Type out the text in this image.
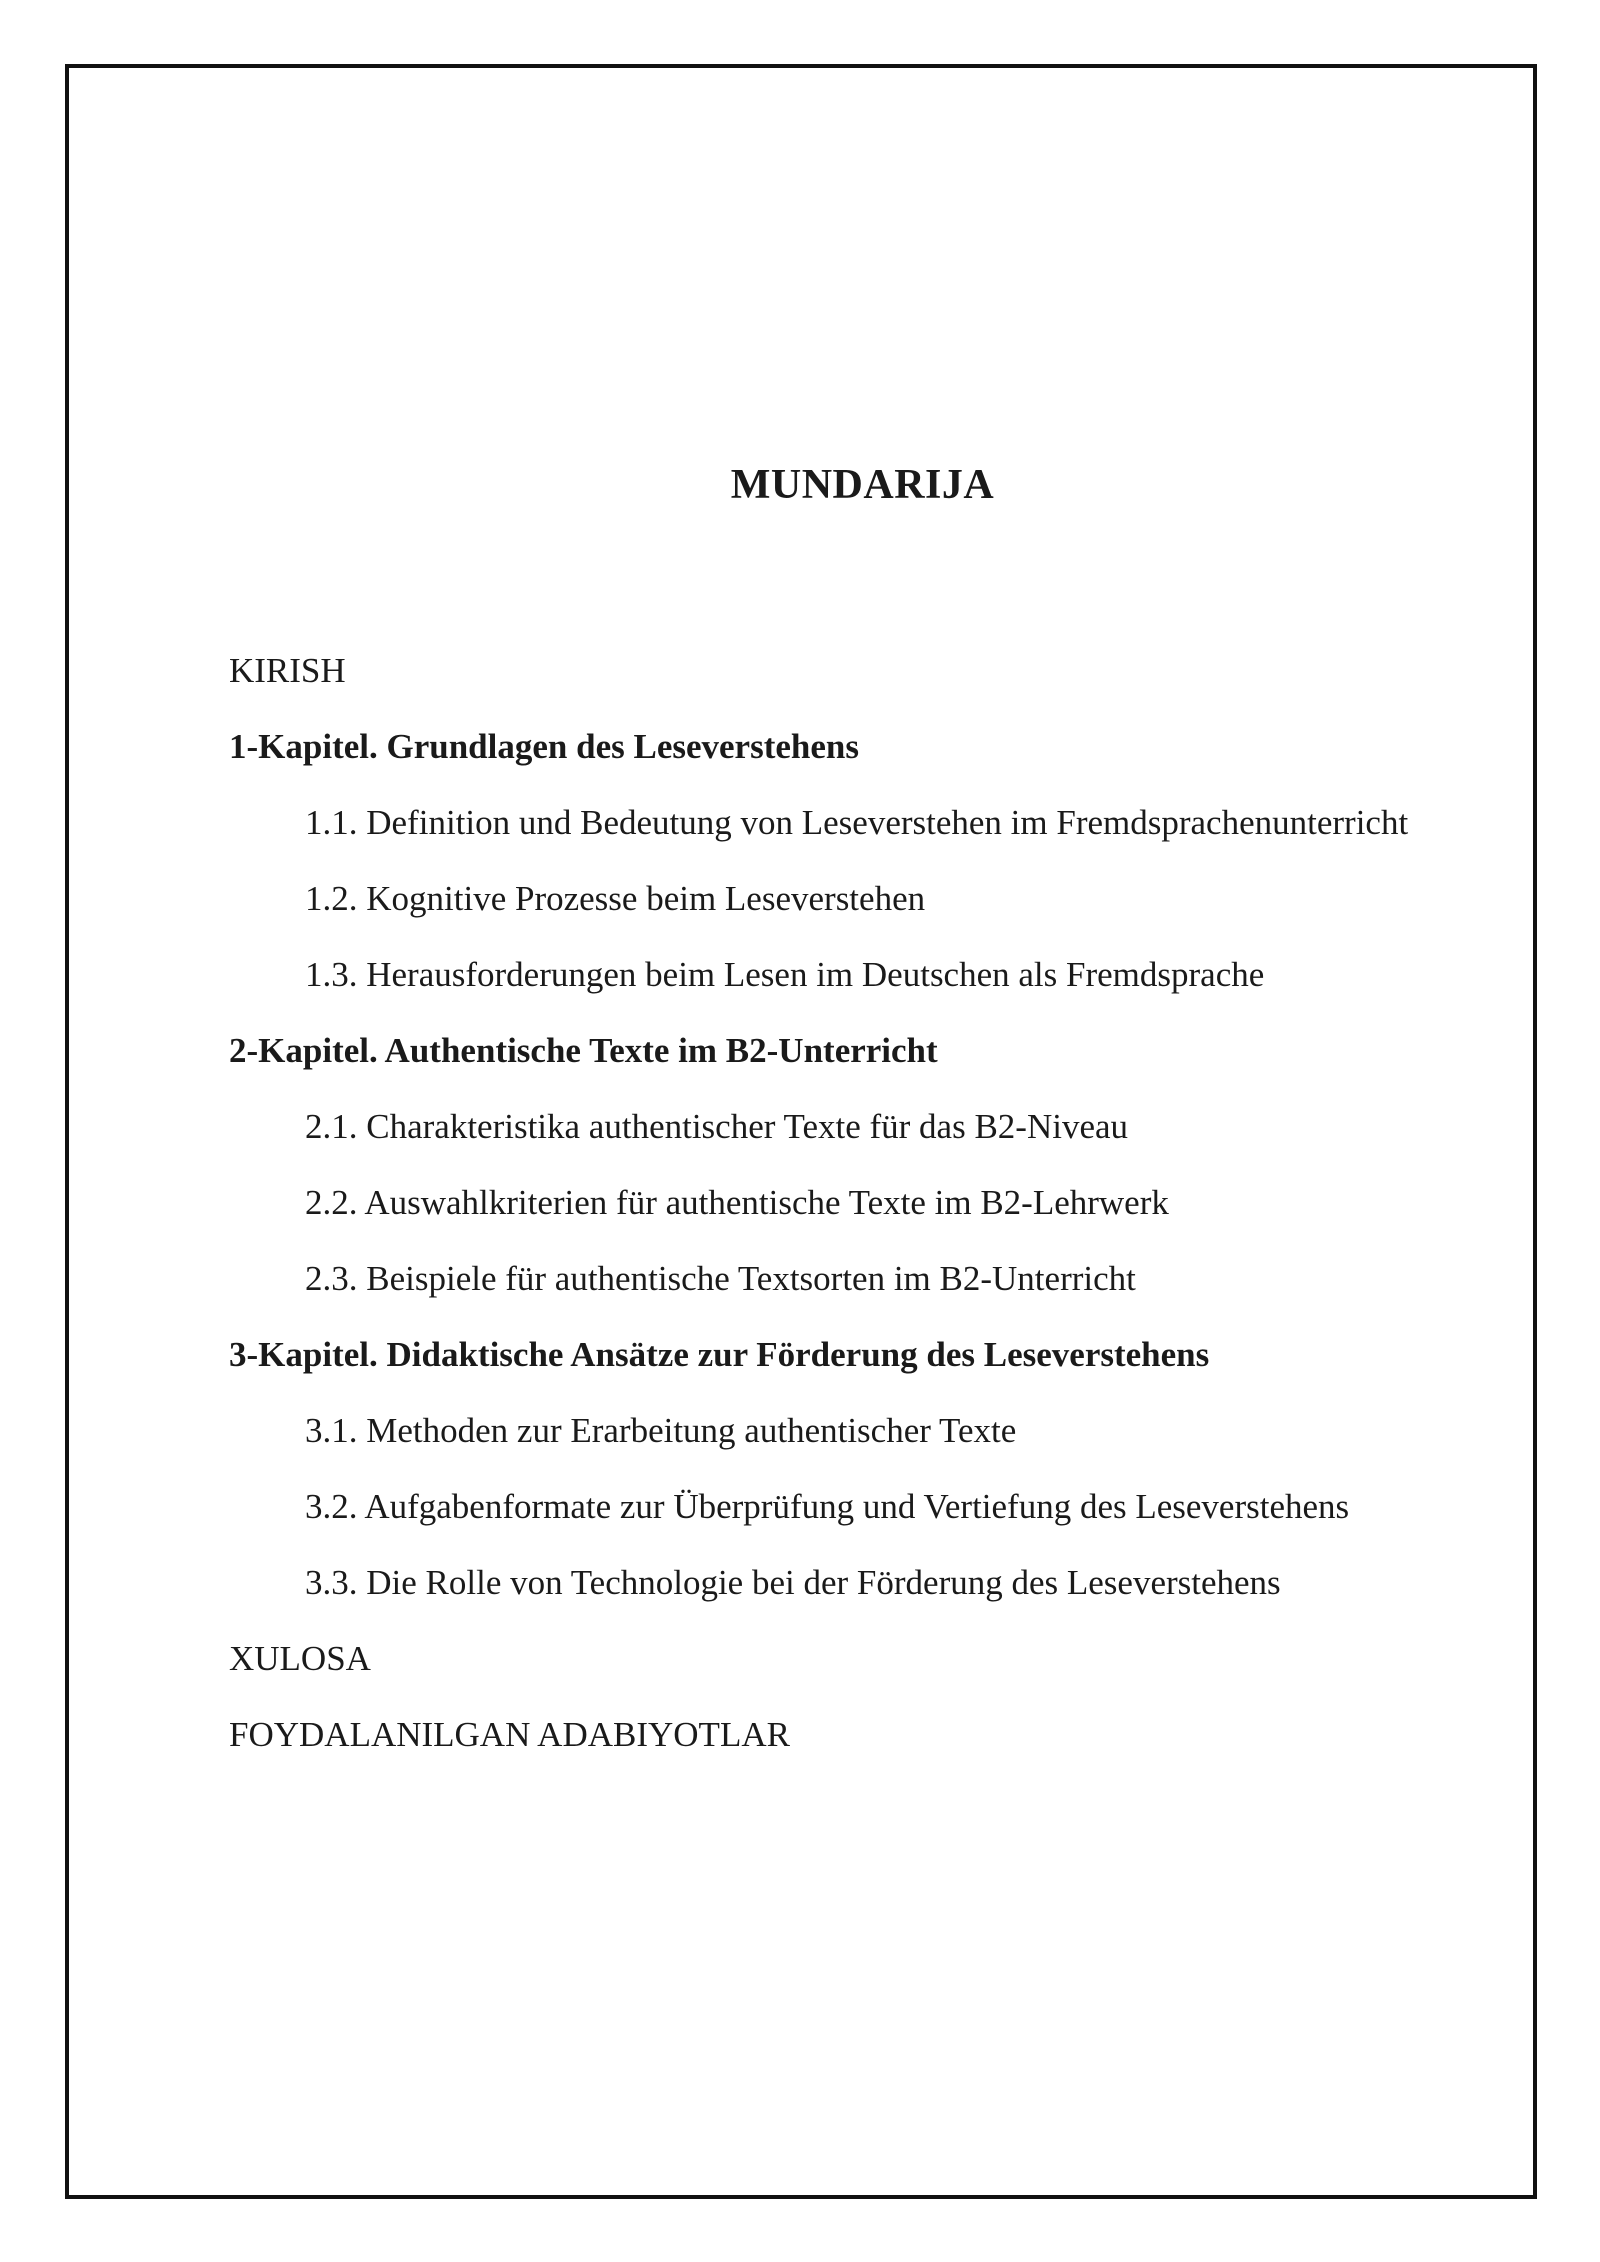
MUNDARIJA
KIRISH
1-Kapitel. Grundlagen des Leseverstehens
1.1. Definition und Bedeutung von Leseverstehen im Fremdsprachenunterricht
1.2. Kognitive Prozesse beim Leseverstehen
1.3. Herausforderungen beim Lesen im Deutschen als Fremdsprache
2-Kapitel. Authentische Texte im B2-Unterricht
2.1. Charakteristika authentischer Texte für das B2-Niveau
2.2. Auswahlkriterien für authentische Texte im B2-Lehrwerk
2.3. Beispiele für authentische Textsorten im B2-Unterricht
3-Kapitel. Didaktische Ansätze zur Förderung des Leseverstehens
3.1. Methoden zur Erarbeitung authentischer Texte
3.2. Aufgabenformate zur Überprüfung und Vertiefung des Leseverstehens
3.3. Die Rolle von Technologie bei der Förderung des Leseverstehens
XULOSA
FOYDALANILGAN ADABIYOTLAR
